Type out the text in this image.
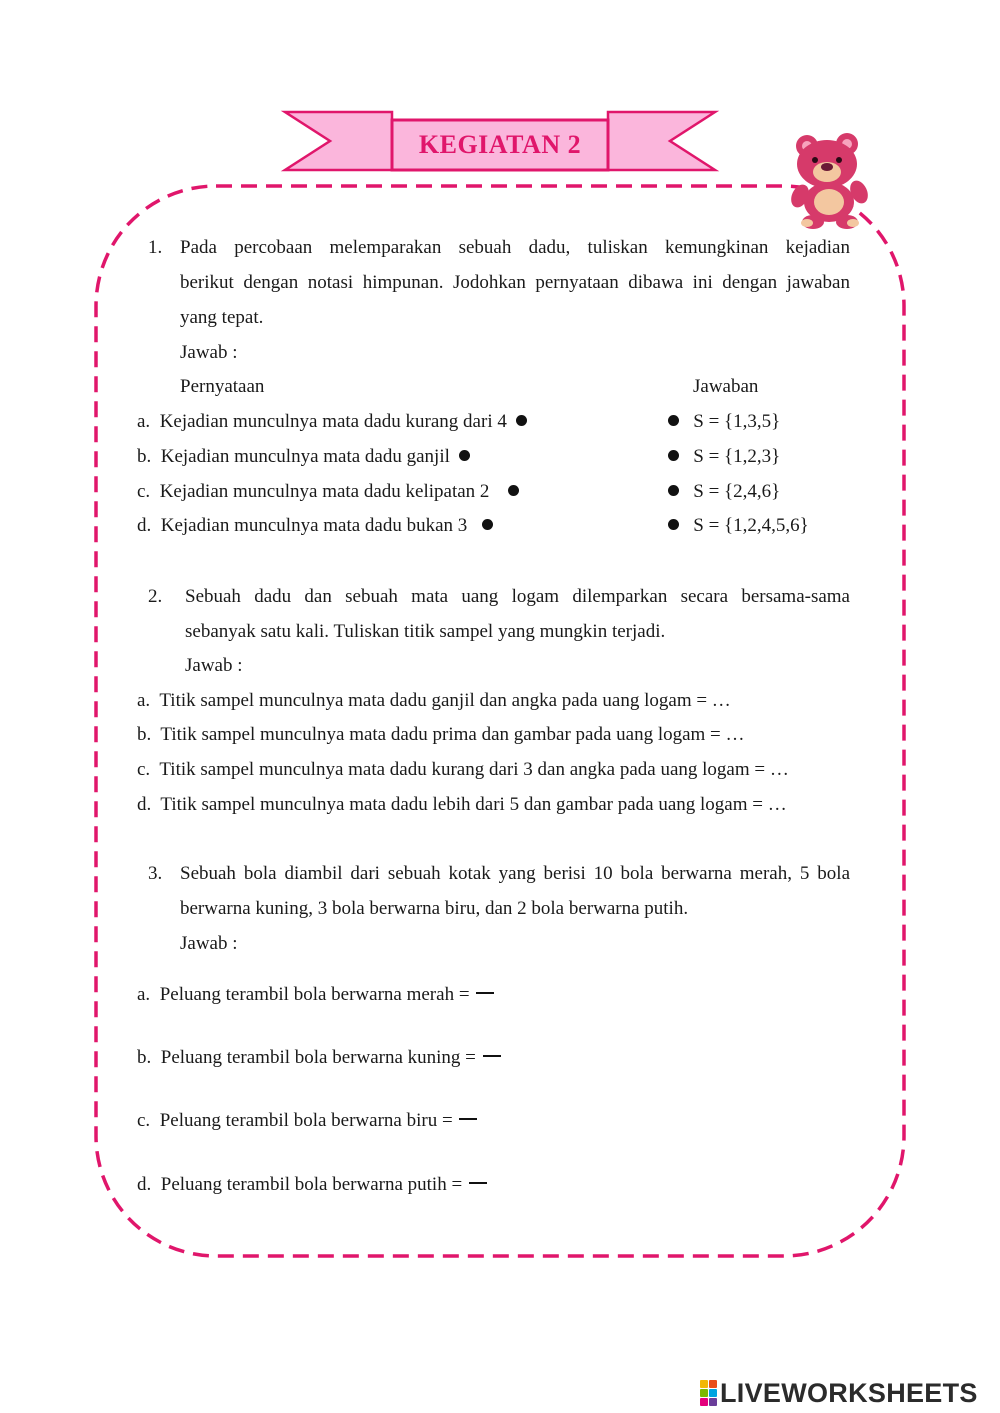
KEGIATAN 2
1. Pada percobaan melemparakan sebuah dadu, tuliskan kemungkinan kejadian
berikut dengan notasi himpunan. Jodohkan pernyataan dibawa ini dengan jawaban
yang tepat.
Jawab :
Pernyataan	Jawaban
a. Kejadian munculnya mata dadu kurang dari 4
b. Kejadian munculnya mata dadu ganjil
c. Kejadian munculnya mata dadu kelipatan 2
d. Kejadian munculnya mata dadu bukan 3
S = {1,3,5}
S = {1,2,3}
S = {2,4,6}
S = {1,2,4,5,6}
2. Sebuah dadu dan sebuah mata uang logam dilemparkan secara bersama-sama
sebanyak satu kali. Tuliskan titik sampel yang mungkin terjadi.
Jawab :
a. Titik sampel munculnya mata dadu ganjil dan angka pada uang logam = …
b. Titik sampel munculnya mata dadu prima dan gambar pada uang logam = …
c. Titik sampel munculnya mata dadu kurang dari 3 dan angka pada uang logam = …
d. Titik sampel munculnya mata dadu lebih dari 5 dan gambar pada uang logam = …
3. Sebuah bola diambil dari sebuah kotak yang berisi 10 bola berwarna merah, 5 bola
berwarna kuning, 3 bola berwarna biru, dan 2 bola berwarna putih.
Jawab :
a. Peluang terambil bola berwarna merah =
b. Peluang terambil bola berwarna kuning =
c. Peluang terambil bola berwarna biru =
d. Peluang terambil bola berwarna putih =
LIVEWORKSHEETS
